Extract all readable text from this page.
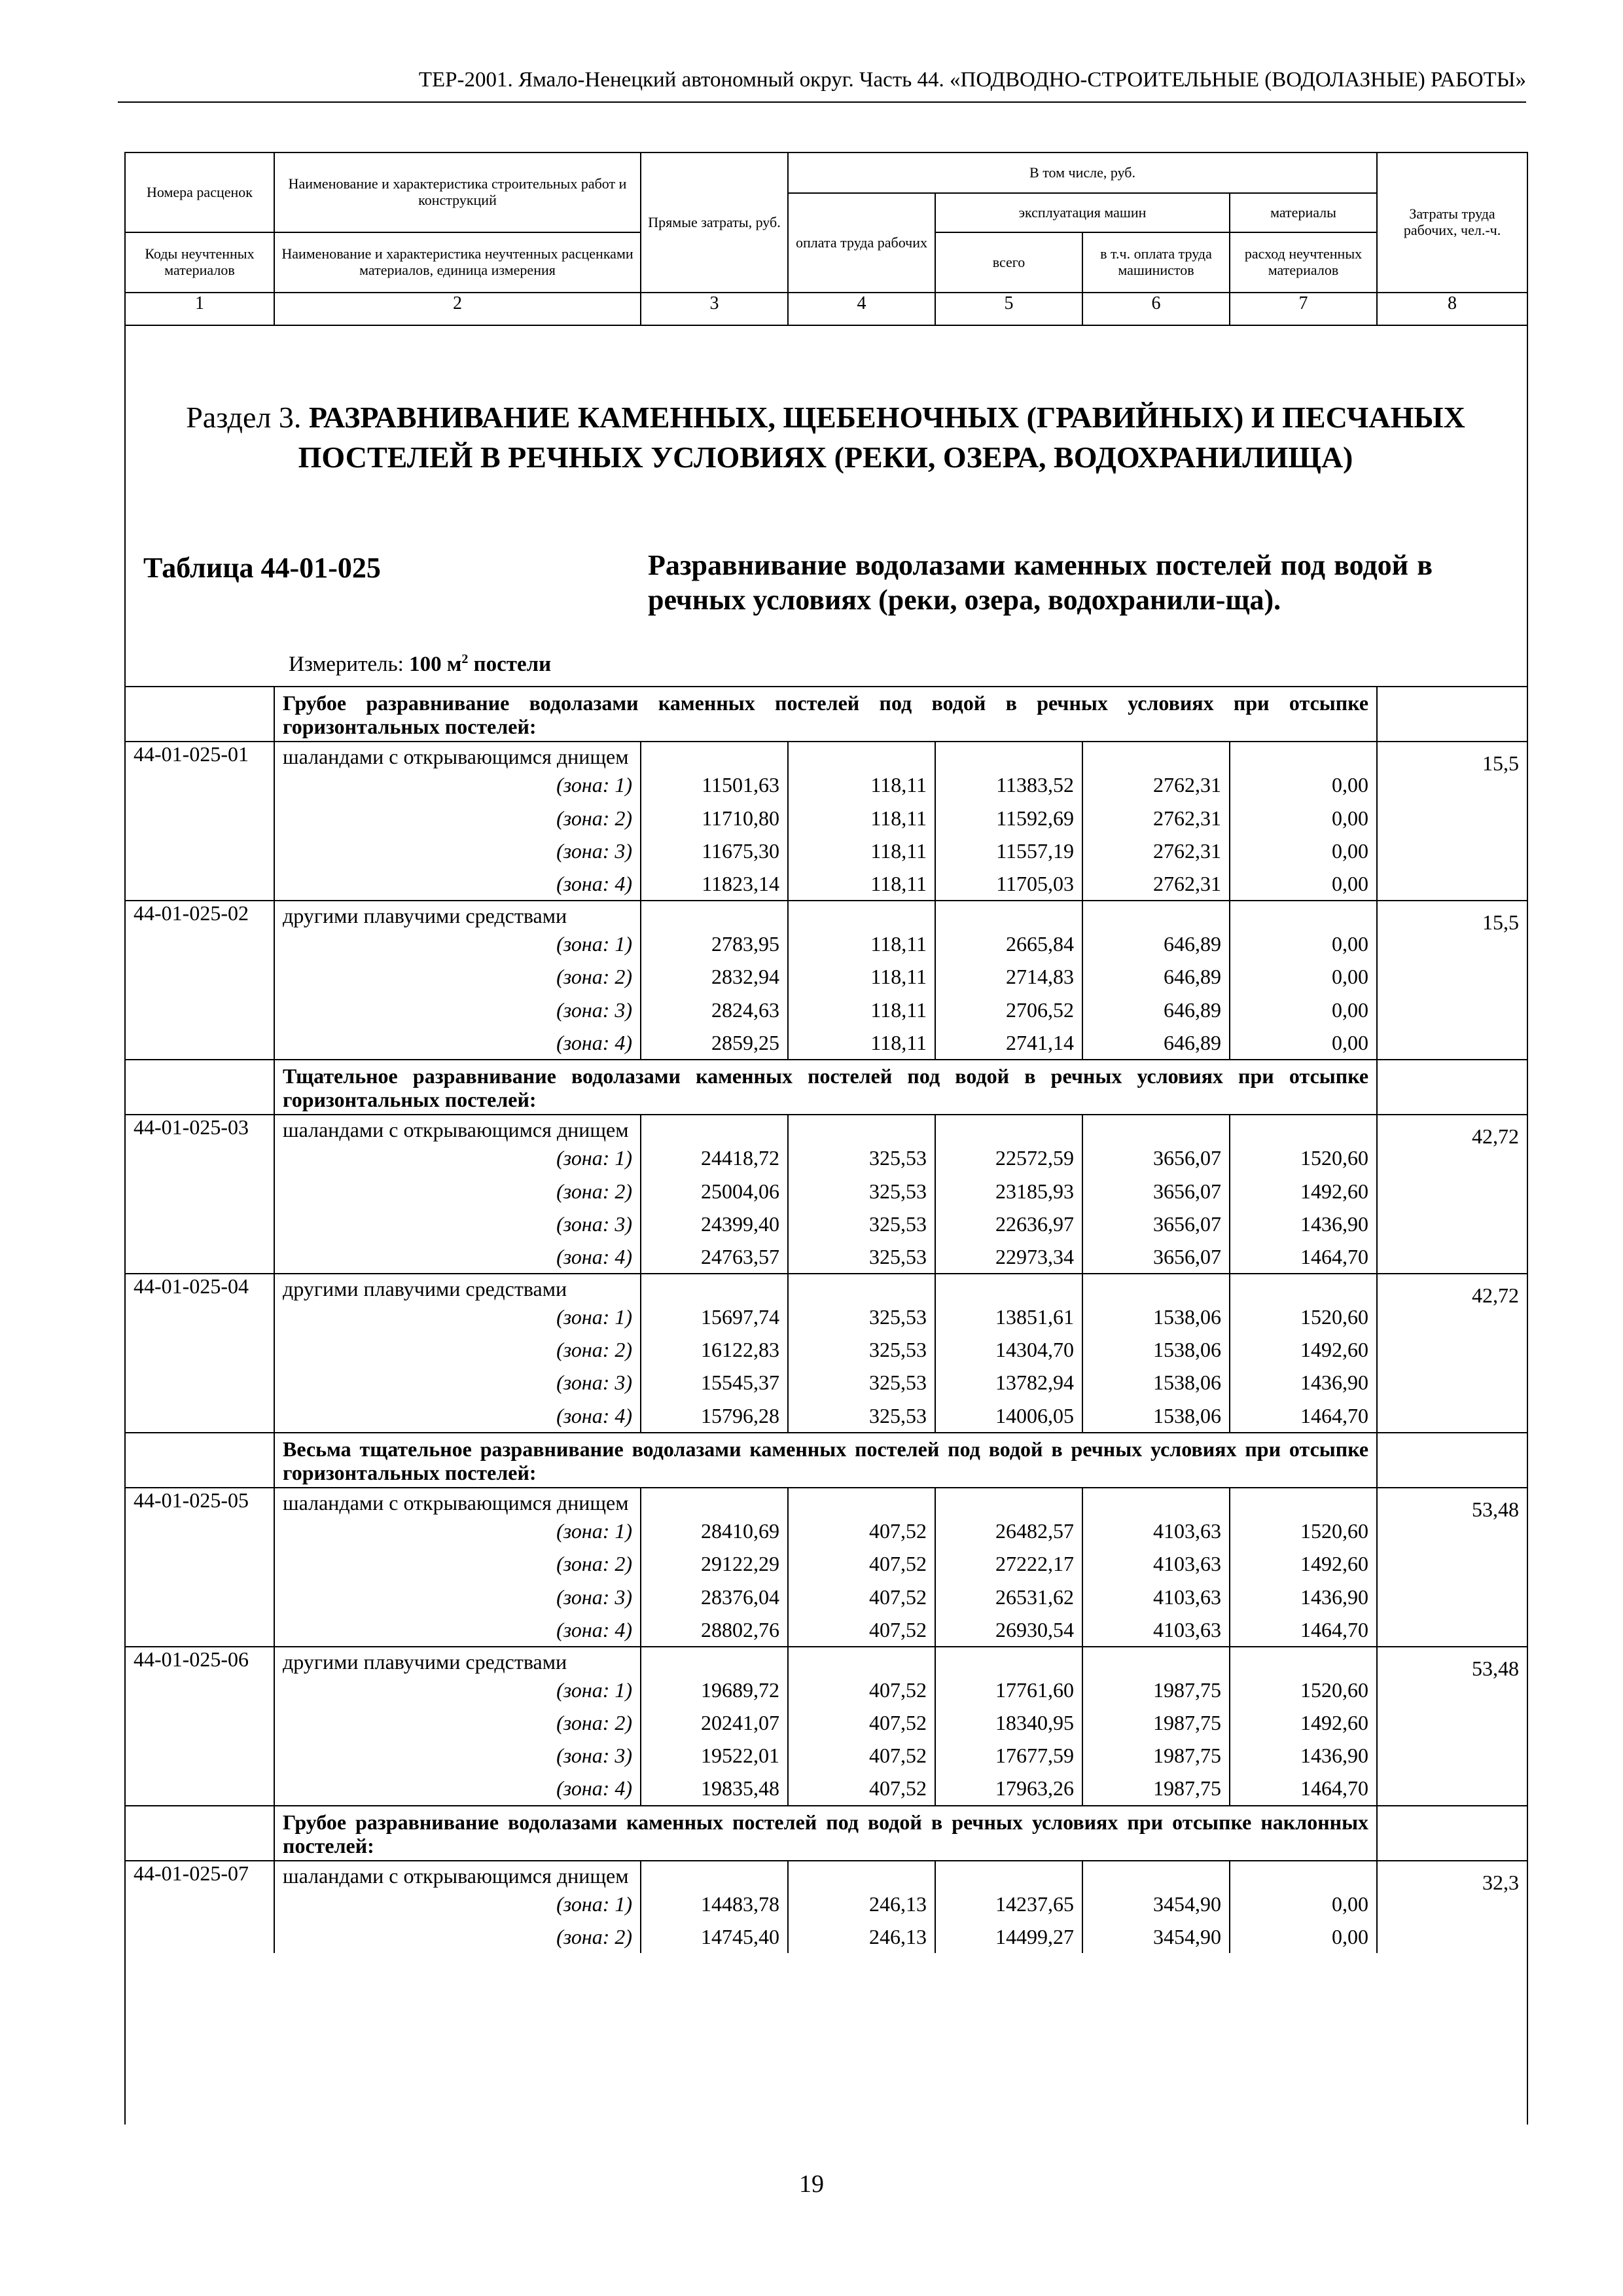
ТЕР-2001. Ямало-Ненецкий автономный округ. Часть 44. «ПОДВОДНО-СТРОИТЕЛЬНЫЕ (ВОДОЛАЗНЫЕ) РАБОТЫ»
Номера расценок	Наименование и характеристика строительных работ и конструкций	Прямые затраты, руб.	В том числе, руб.				Затраты труда рабочих, чел.-ч.
			оплата труда рабочих	эксплуатация машин		материалы	
Коды неучтенных материалов	Наименование и характеристика неучтенных расценками материалов, единица измерения			всего	в т.ч. оплата труда машинистов	расход неучтенных материалов	
1	2	3	4	5	6	7	8
Раздел 3. РАЗРАВНИВАНИЕ КАМЕННЫХ, ЩЕБЕНОЧНЫХ (ГРАВИЙНЫХ) И ПЕСЧАНЫХ ПОСТЕЛЕЙ В РЕЧНЫХ УСЛОВИЯХ (РЕКИ, ОЗЕРА, ВОДОХРАНИЛИЩА)
Таблица 44-01-025	Разравнивание водолазами каменных постелей под водой в речных условиях (реки, озера, водохранили-ща).
Измеритель: 100 $м^2$ постели
	Грубое разравнивание водолазами каменных постелей под водой в речных условиях при отсыпке горизонтальных постелей:						
44-01-025-01	шаландами с открывающимся днищем						15,5
	(зона: 1)	11501,63	118,11	11383,52	2762,31	0,00	
	(зона: 2)	11710,80	118,11	11592,69	2762,31	0,00	
	(зона: 3)	11675,30	118,11	11557,19	2762,31	0,00	
	(зона: 4)	11823,14	118,11	11705,03	2762,31	0,00	
44-01-025-02	другими плавучими средствами						15,5
	(зона: 1)	2783,95	118,11	2665,84	646,89	0,00	
	(зона: 2)	2832,94	118,11	2714,83	646,89	0,00	
	(зона: 3)	2824,63	118,11	2706,52	646,89	0,00	
	(зона: 4)	2859,25	118,11	2741,14	646,89	0,00	
	Тщательное разравнивание водолазами каменных постелей под водой в речных условиях при отсыпке горизонтальных постелей:						
44-01-025-03	шаландами с открывающимся днищем						42,72
	(зона: 1)	24418,72	325,53	22572,59	3656,07	1520,60	
	(зона: 2)	25004,06	325,53	23185,93	3656,07	1492,60	
	(зона: 3)	24399,40	325,53	22636,97	3656,07	1436,90	
	(зона: 4)	24763,57	325,53	22973,34	3656,07	1464,70	
44-01-025-04	другими плавучими средствами						42,72
	(зона: 1)	15697,74	325,53	13851,61	1538,06	1520,60	
	(зона: 2)	16122,83	325,53	14304,70	1538,06	1492,60	
	(зона: 3)	15545,37	325,53	13782,94	1538,06	1436,90	
	(зона: 4)	15796,28	325,53	14006,05	1538,06	1464,70	
	Весьма тщательное разравнивание водолазами каменных постелей под водой в речных условиях при отсыпке горизонтальных постелей:						
44-01-025-05	шаландами с открывающимся днищем						53,48
	(зона: 1)	28410,69	407,52	26482,57	4103,63	1520,60	
	(зона: 2)	29122,29	407,52	27222,17	4103,63	1492,60	
	(зона: 3)	28376,04	407,52	26531,62	4103,63	1436,90	
	(зона: 4)	28802,76	407,52	26930,54	4103,63	1464,70	
44-01-025-06	другими плавучими средствами						53,48
	(зона: 1)	19689,72	407,52	17761,60	1987,75	1520,60	
	(зона: 2)	20241,07	407,52	18340,95	1987,75	1492,60	
	(зона: 3)	19522,01	407,52	17677,59	1987,75	1436,90	
	(зона: 4)	19835,48	407,52	17963,26	1987,75	1464,70	
	Грубое разравнивание водолазами каменных постелей под водой в речных условиях при отсыпке наклонных постелей:						
44-01-025-07	шаландами с открывающимся днищем						32,3
	(зона: 1)	14483,78	246,13	14237,65	3454,90	0,00	
	(зона: 2)	14745,40	246,13	14499,27	3454,90	0,00	
19
